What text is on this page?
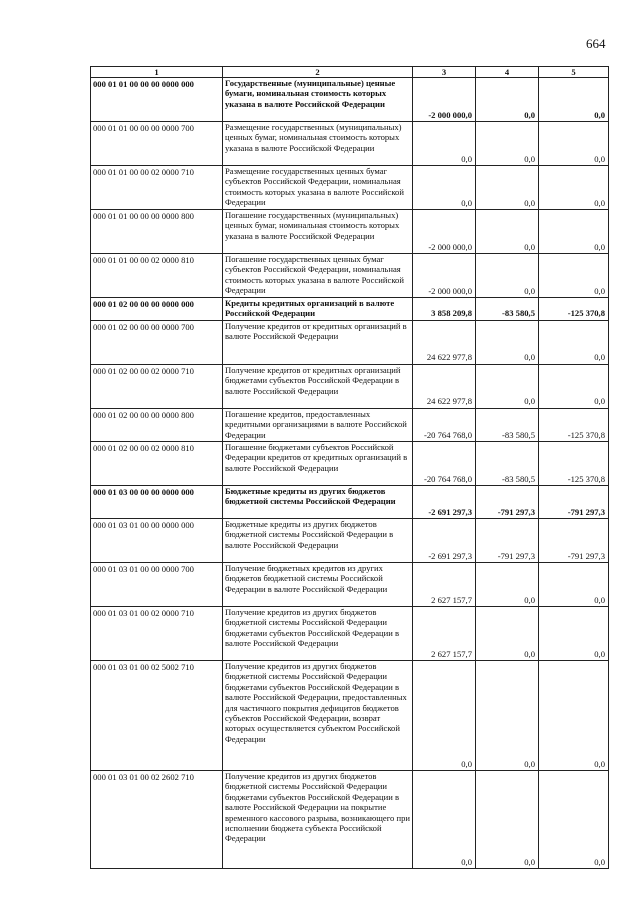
664
1	2	3	4	5
000 01 01 00 00 00 0000 000	Государственные (муниципальные) ценные бумаги, номинальная стоимость которых указана в валюте Российской Федерации	-2 000 000,0	0,0	0,0
000 01 01 00 00 00 0000 700	Размещение государственных (муниципальных) ценных бумаг, номинальная стоимость которых указана в валюте Российской Федерации	0,0	0,0	0,0
000 01 01 00 00 02 0000 710	Размещение государственных ценных бумаг субъектов Российской Федерации, номинальная стоимость которых указана в валюте Российской Федерации	0,0	0,0	0,0
000 01 01 00 00 00 0000 800	Погашение государственных (муниципальных) ценных бумаг, номинальная стоимость которых указана в валюте Российской Федерации	-2 000 000,0	0,0	0,0
000 01 01 00 00 02 0000 810	Погашение государственных ценных бумаг субъектов Российской Федерации, номинальная стоимость которых указана в валюте Российской Федерации	-2 000 000,0	0,0	0,0
000 01 02 00 00 00 0000 000	Кредиты кредитных организаций в валюте Российской Федерации	3 858 209,8	-83 580,5	-125 370,8
000 01 02 00 00 00 0000 700	Получение кредитов от кредитных организаций в валюте Российской Федерации	24 622 977,8	0,0	0,0
000 01 02 00 00 02 0000 710	Получение кредитов от кредитных организаций бюджетами субъектов Российской Федерации в валюте Российской Федерации	24 622 977,8	0,0	0,0
000 01 02 00 00 00 0000 800	Погашение кредитов, предоставленных кредитными организациями в валюте Российской Федерации	-20 764 768,0	-83 580,5	-125 370,8
000 01 02 00 00 02 0000 810	Погашение бюджетами субъектов Российской Федерации кредитов от кредитных организаций в валюте Российской Федерации	-20 764 768,0	-83 580,5	-125 370,8
000 01 03 00 00 00 0000 000	Бюджетные кредиты из других бюджетов бюджетной системы Российской Федерации	-2 691 297,3	-791 297,3	-791 297,3
000 01 03 01 00 00 0000 000	Бюджетные кредиты из других бюджетов бюджетной системы Российской Федерации в валюте Российской Федерации	-2 691 297,3	-791 297,3	-791 297,3
000 01 03 01 00 00 0000 700	Получение бюджетных кредитов из других бюджетов бюджетной системы Российской Федерации в валюте Российской Федерации	2 627 157,7	0,0	0,0
000 01 03 01 00 02 0000 710	Получение кредитов из других бюджетов бюджетной системы Российской Федерации бюджетами субъектов Российской Федерации в валюте Российской Федерации	2 627 157,7	0,0	0,0
000 01 03 01 00 02 5002 710	Получение кредитов из других бюджетов бюджетной системы Российской Федерации бюджетами субъектов Российской Федерации в валюте Российской Федерации, предоставленных для частичного покрытия дефицитов бюджетов субъектов Российской Федерации, возврат которых осуществляется субъектом Российской Федерации	0,0	0,0	0,0
000 01 03 01 00 02 2602 710	Получение кредитов из других бюджетов бюджетной системы Российской Федерации бюджетами субъектов Российской Федерации в валюте Российской Федерации на покрытие временного кассового разрыва, возникающего при исполнении бюджета субъекта Российской Федерации	0,0	0,0	0,0
